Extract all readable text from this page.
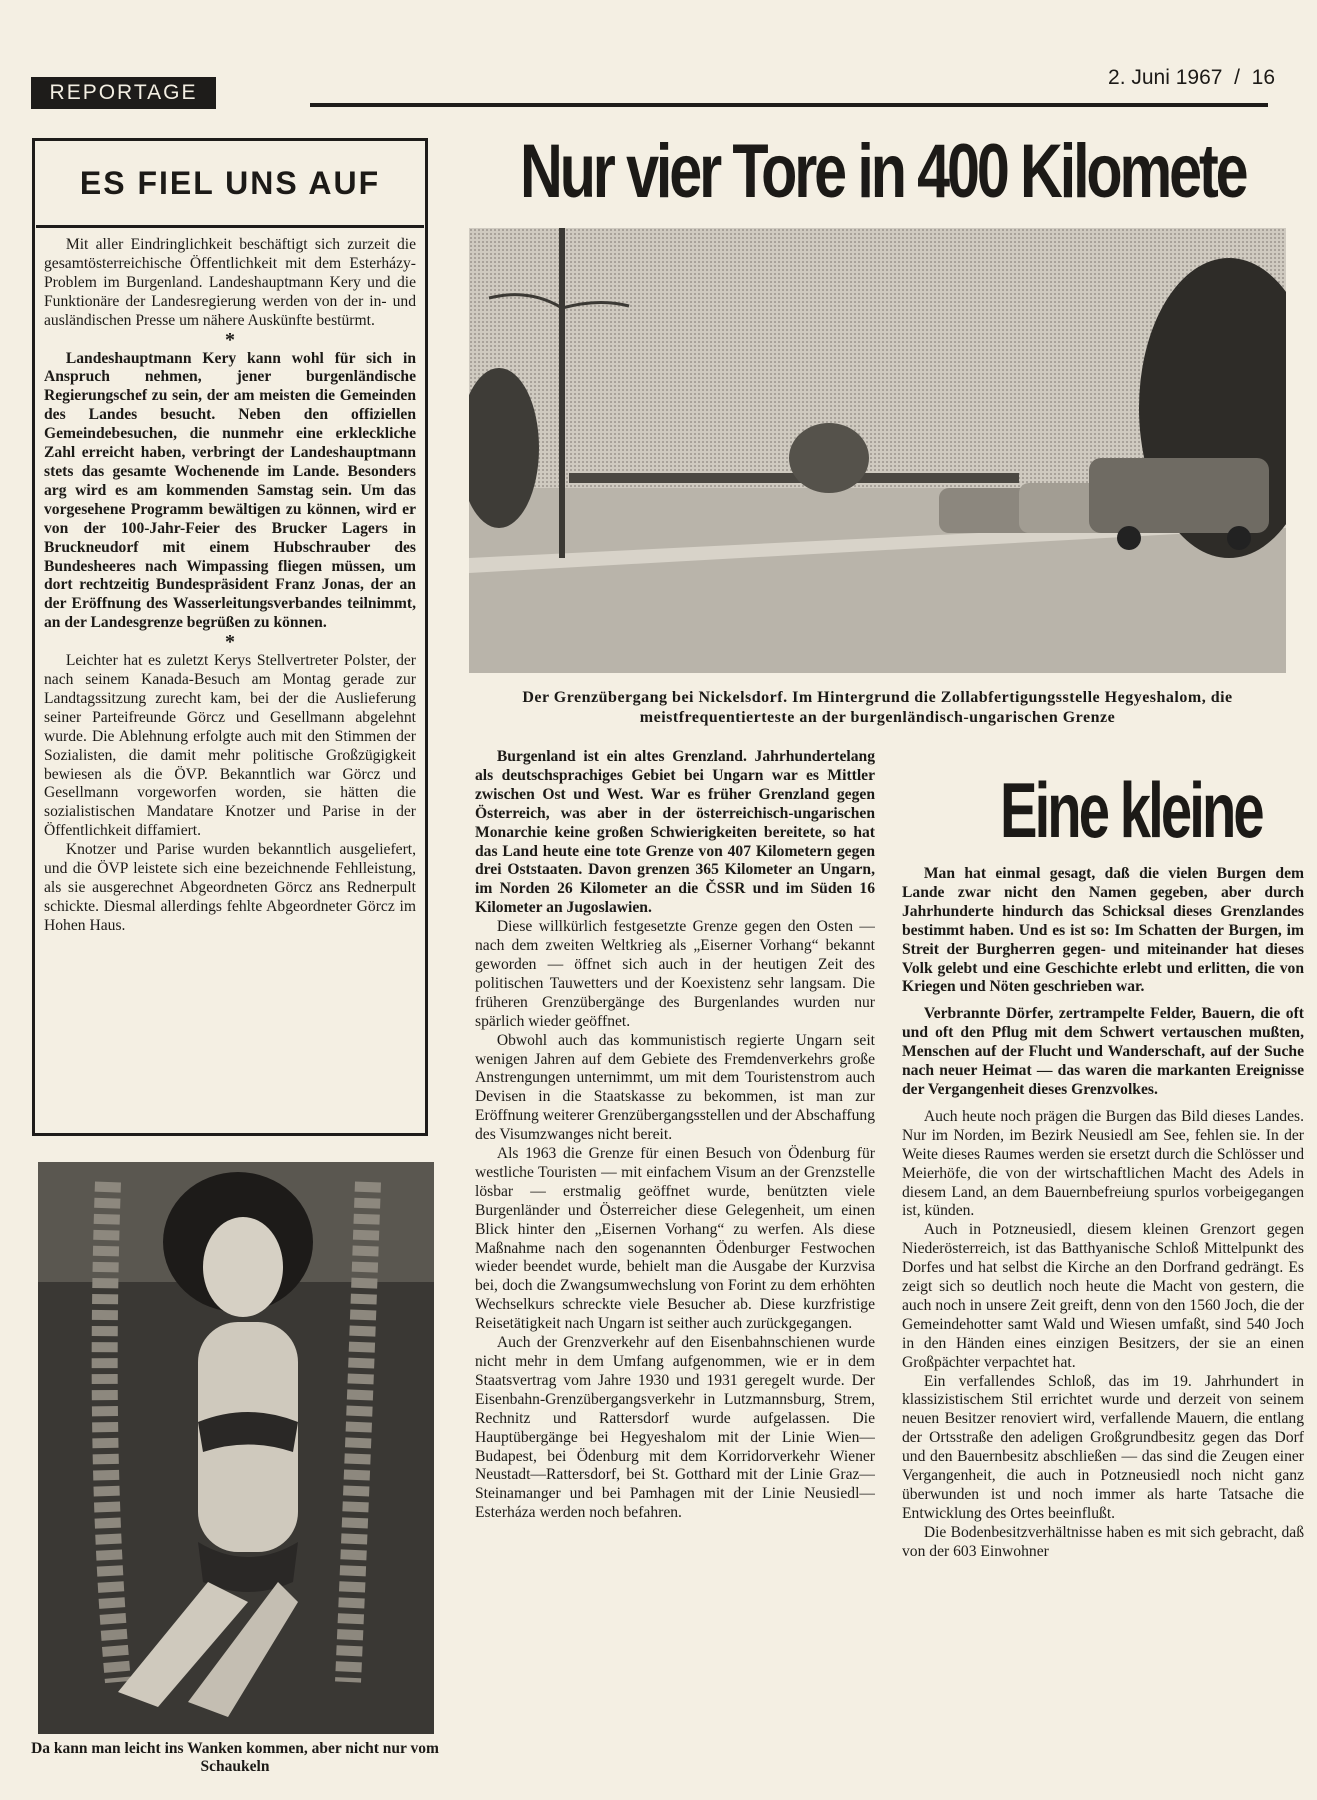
REPORTAGE
2. Juni 1967 / 16
ES FIEL UNS AUF

Mit aller Eindringlichkeit beschäftigt sich zurzeit die gesamtösterreichische Öffentlichkeit mit dem Esterházy-Problem im Burgenland. Landeshauptmann Kery und die Funktionäre der Landesregierung werden von der in- und ausländischen Presse um nähere Auskünfte bestürmt.

*

Landeshauptmann Kery kann wohl für sich in Anspruch nehmen, jener burgenländische Regierungschef zu sein, der am meisten die Gemeinden des Landes besucht. Neben den offiziellen Gemeindebesuchen, die nunmehr eine erkleckliche Zahl erreicht haben, verbringt der Landeshauptmann stets das gesamte Wochenende im Lande. Besonders arg wird es am kommenden Samstag sein. Um das vorgesehene Programm bewältigen zu können, wird er von der 100-Jahr-Feier des Brucker Lagers in Bruckneudorf mit einem Hubschrauber des Bundesheeres nach Wimpassing fliegen müssen, um dort rechtzeitig Bundespräsident Franz Jonas, der an der Eröffnung des Wasserleitungsverbandes teilnimmt, an der Landesgrenze begrüßen zu können.

*

Leichter hat es zuletzt Kerys Stellvertreter Polster, der nach seinem Kanada-Besuch am Montag gerade zur Landtagssitzung zurecht kam, bei der die Auslieferung seiner Parteifreunde Görcz und Gesellmann abgelehnt wurde. Die Ablehnung erfolgte auch mit den Stimmen der Sozialisten, die damit mehr politische Großzügigkeit bewiesen als die ÖVP. Bekanntlich war Görcz und Gesellmann vorgeworfen worden, sie hätten die sozialistischen Mandatare Knotzer und Parise in der Öffentlichkeit diffamiert.

Knotzer und Parise wurden bekanntlich ausgeliefert, und die ÖVP leistete sich eine bezeichnende Fehlleistung, als sie ausgerechnet Abgeordneten Görcz ans Rednerpult schickte. Diesmal allerdings fehlte Abgeordneter Görcz im Hohen Haus.

Nur vier Tore in 400 Kilomete
Der Grenzübergang bei Nickelsdorf. Im Hintergrund die Zollabfertigungsstelle Hegyeshalom, die meistfrequentierteste an der burgenländisch-ungarischen Grenze

Burgenland ist ein altes Grenzland. Jahrhundertelang als deutschsprachiges Gebiet bei Ungarn war es Mittler zwischen Ost und West. War es früher Grenzland gegen Österreich, was aber in der österreichisch-ungarischen Monarchie keine großen Schwierigkeiten bereitete, so hat das Land heute eine tote Grenze von 407 Kilometern gegen drei Oststaaten. Davon grenzen 365 Kilometer an Ungarn, im Norden 26 Kilometer an die ČSSR und im Süden 16 Kilometer an Jugoslawien.

Diese willkürlich festgesetzte Grenze gegen den Osten — nach dem zweiten Weltkrieg als „Eiserner Vorhang“ bekannt geworden — öffnet sich auch in der heutigen Zeit des politischen Tauwetters und der Koexistenz sehr langsam. Die früheren Grenzübergänge des Burgenlandes wurden nur spärlich wieder geöffnet.

Obwohl auch das kommunistisch regierte Ungarn seit wenigen Jahren auf dem Gebiete des Fremdenverkehrs große Anstrengungen unternimmt, um mit dem Touristenstrom auch Devisen in die Staatskasse zu bekommen, ist man zur Eröffnung weiterer Grenzübergangsstellen und der Abschaffung des Visumzwanges nicht bereit.

Als 1963 die Grenze für einen Besuch von Ödenburg für westliche Touristen — mit einfachem Visum an der Grenzstelle lösbar — erstmalig geöffnet wurde, benützten viele Burgenländer und Österreicher diese Gelegenheit, um einen Blick hinter den „Eisernen Vorhang“ zu werfen. Als diese Maßnahme nach den sogenannten Ödenburger Festwochen wieder beendet wurde, behielt man die Ausgabe der Kurzvisa bei, doch die Zwangsumwechslung von Forint zu dem erhöhten Wechselkurs schreckte viele Besucher ab. Diese kurzfristige Reisetätigkeit nach Ungarn ist seither auch zurückgegangen.

Auch der Grenzverkehr auf den Eisenbahnschienen wurde nicht mehr in dem Umfang aufgenommen, wie er in dem Staatsvertrag vom Jahre 1930 und 1931 geregelt wurde. Der Eisenbahn-Grenzübergangsverkehr in Lutzmannsburg, Strem, Rechnitz und Rattersdorf wurde aufgelassen. Die Hauptübergänge bei Hegyeshalom mit der Linie Wien—Budapest, bei Ödenburg mit dem Korridorverkehr Wiener Neustadt—Rattersdorf, bei St. Gotthard mit der Linie Graz—Steinamanger und bei Pamhagen mit der Linie Neusiedl—Esterháza werden noch befahren.

Eine kleine

Man hat einmal gesagt, daß die vielen Burgen dem Lande zwar nicht den Namen gegeben, aber durch Jahrhunderte hindurch das Schicksal dieses Grenzlandes bestimmt haben. Und es ist so: Im Schatten der Burgen, im Streit der Burgherren gegen- und miteinander hat dieses Volk gelebt und eine Geschichte erlebt und erlitten, die von Kriegen und Nöten geschrieben war.

Verbrannte Dörfer, zertrampelte Felder, Bauern, die oft und oft den Pflug mit dem Schwert vertauschen mußten, Menschen auf der Flucht und Wanderschaft, auf der Suche nach neuer Heimat — das waren die markanten Ereignisse der Vergangenheit dieses Grenzvolkes.

Auch heute noch prägen die Burgen das Bild dieses Landes. Nur im Norden, im Bezirk Neusiedl am See, fehlen sie. In der Weite dieses Raumes werden sie ersetzt durch die Schlösser und Meierhöfe, die von der wirtschaftlichen Macht des Adels in diesem Land, an dem Bauernbefreiung spurlos vorbeigegangen ist, künden.

Auch in Potzneusiedl, diesem kleinen Grenzort gegen Niederösterreich, ist das Batthyanische Schloß Mittelpunkt des Dorfes und hat selbst die Kirche an den Dorfrand gedrängt. Es zeigt sich so deutlich noch heute die Macht von gestern, die auch noch in unsere Zeit greift, denn von den 1560 Joch, die der Gemeindehotter samt Wald und Wiesen umfaßt, sind 540 Joch in den Händen eines einzigen Besitzers, der sie an einen Großpächter verpachtet hat.

Ein verfallendes Schloß, das im 19. Jahrhundert in klassizistischem Stil errichtet wurde und derzeit von seinem neuen Besitzer renoviert wird, verfallende Mauern, die entlang der Ortsstraße den adeligen Großgrundbesitz gegen das Dorf und den Bauernbesitz abschließen — das sind die Zeugen einer Vergangenheit, die auch in Potzneusiedl noch nicht ganz überwunden ist und noch immer als harte Tatsache die Entwicklung des Ortes beeinflußt.

Die Bodenbesitzverhältnisse haben es mit sich gebracht, daß von der 603 Einwohner

Da kann man leicht ins Wanken kommen, aber nicht nur vom Schaukeln
